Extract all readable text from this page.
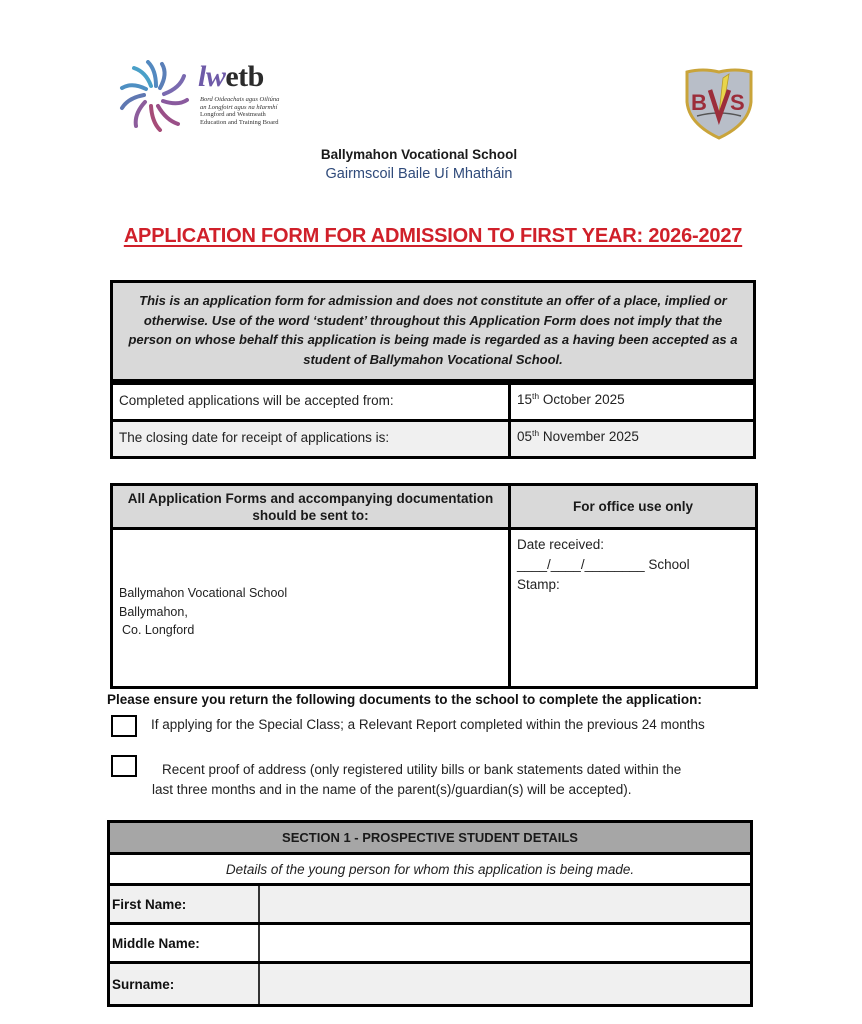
lwetb
Bord Oideachais agus Oiliúna
an Longfoirt agus na hIarmhí
Longford and Westmeath
Education and Training Board
B S
Ballymahon Vocational School
Gairmscoil Baile Uí Mhatháin
APPLICATION FORM FOR ADMISSION TO FIRST YEAR: 2026-2027
This is an application form for admission and does not constitute an offer of a place, implied or otherwise. Use of the word ‘student’ throughout this Application Form does not imply that the person on whose behalf this application is being made is regarded as a having been accepted as a student of Ballymahon Vocational School.
Completed applications will be accepted from:	15th October 2025
The closing date for receipt of applications is:	05th November 2025
All Application Forms and accompanying documentation should be sent to:
For office use only
Ballymahon Vocational School
Ballymahon,
Co. Longford
Date received:
____/____/________ School
Stamp:
Please ensure you return the following documents to the school to complete the application:
If applying for the Special Class; a Relevant Report completed within the previous 24 months
Recent proof of address (only registered utility bills or bank statements dated within the
last three months and in the name of the parent(s)/guardian(s) will be accepted).
SECTION 1 - PROSPECTIVE STUDENT DETAILS
Details of the young person for whom this application is being made.
First Name:
Middle Name:
Surname:
